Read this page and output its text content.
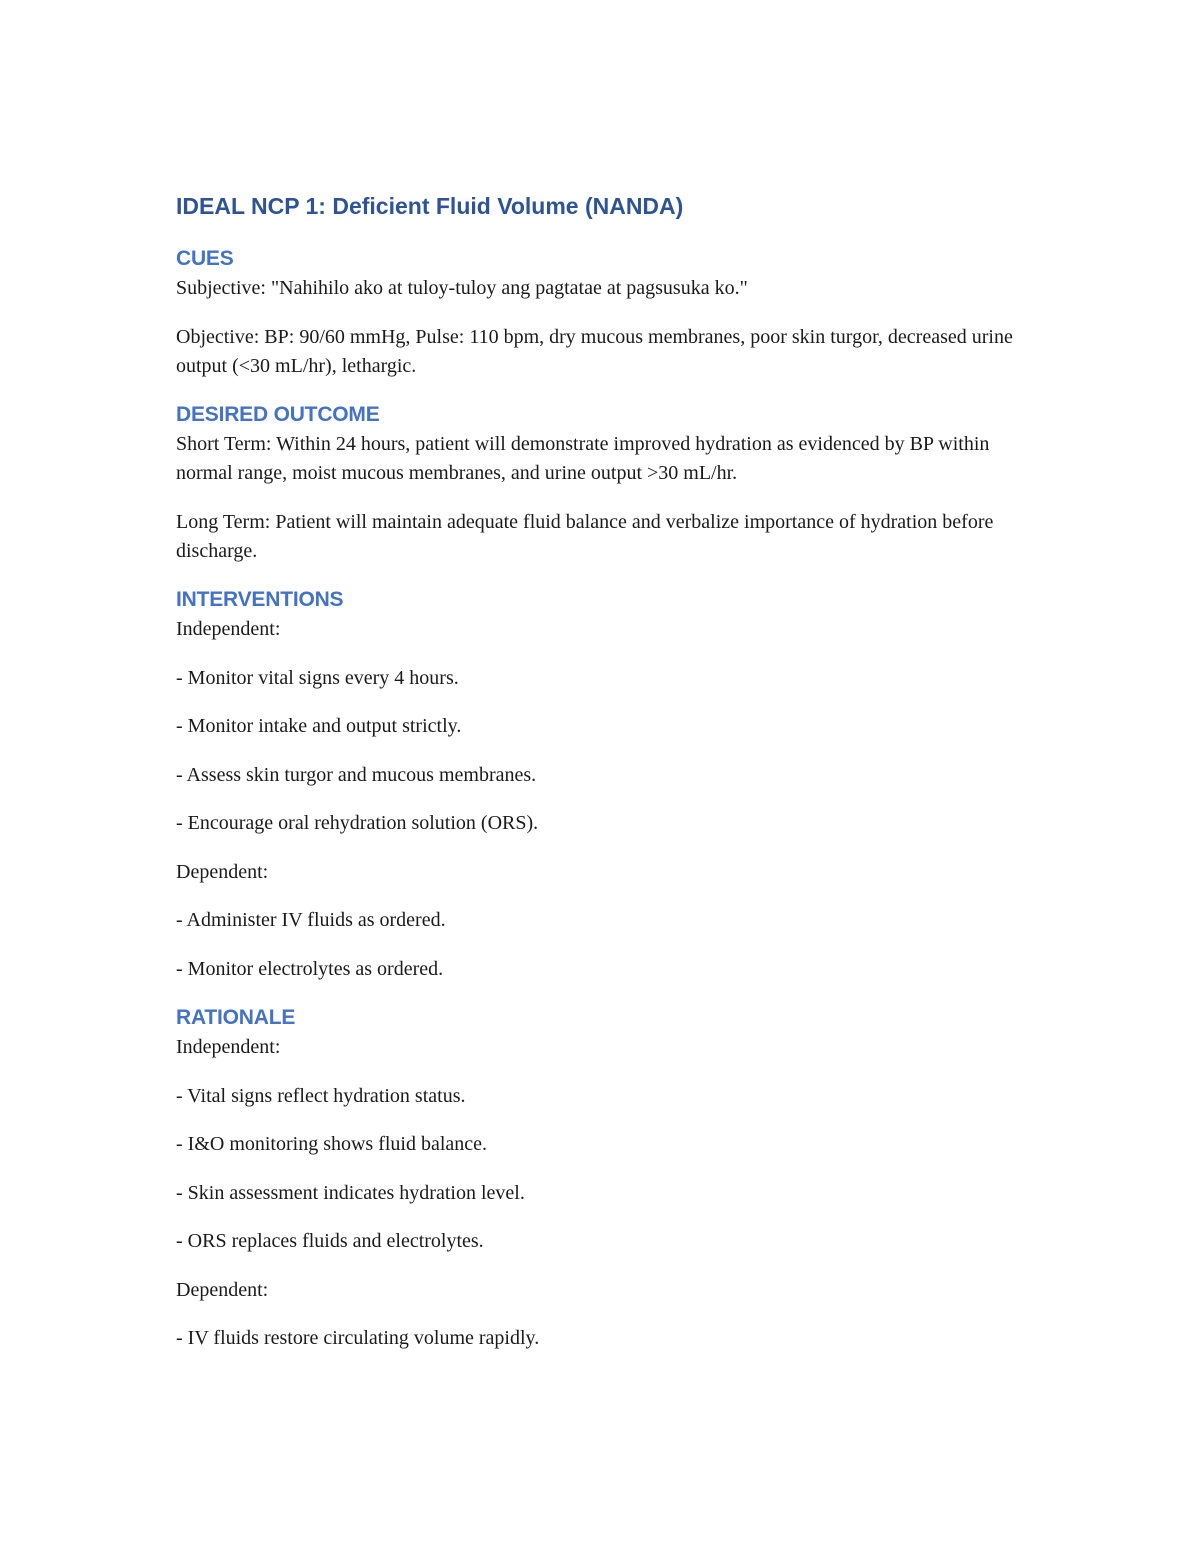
IDEAL NCP 1: Deficient Fluid Volume (NANDA)
CUES

Subjective: "Nahihilo ako at tuloy-tuloy ang pagtatae at pagsusuka ko."

Objective: BP: 90/60 mmHg, Pulse: 110 bpm, dry mucous membranes, poor skin turgor, decreased urine output (<30 mL/hr), lethargic.

DESIRED OUTCOME

Short Term: Within 24 hours, patient will demonstrate improved hydration as evidenced by BP within normal range, moist mucous membranes, and urine output >30 mL/hr.

Long Term: Patient will maintain adequate fluid balance and verbalize importance of hydration before discharge.

INTERVENTIONS

Independent:

- Monitor vital signs every 4 hours.

- Monitor intake and output strictly.

- Assess skin turgor and mucous membranes.

- Encourage oral rehydration solution (ORS).

Dependent:

- Administer IV fluids as ordered.

- Monitor electrolytes as ordered.

RATIONALE

Independent:

- Vital signs reflect hydration status.

- I&O monitoring shows fluid balance.

- Skin assessment indicates hydration level.

- ORS replaces fluids and electrolytes.

Dependent:

- IV fluids restore circulating volume rapidly.
